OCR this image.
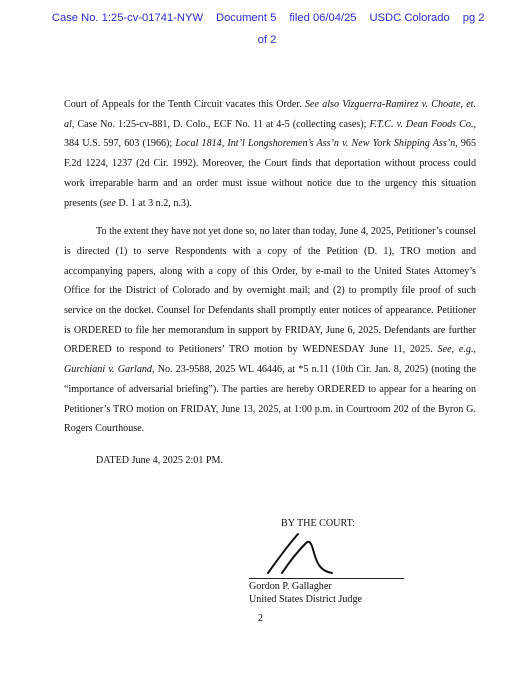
Case No. 1:25-cv-01741-NYW Document 5 filed 06/04/25 USDC Colorado pg 2

of 2

Court of Appeals for the Tenth Circuit vacates this Order. See also Vizguerra-Ramirez v. Choate, et. al, Case No. 1:25-cv-881, D. Colo., ECF No. 11 at 4-5 (collecting cases); F.T.C. v. Dean Foods Co., 384 U.S. 597, 603 (1966); Local 1814, Int’l Longshoremen’s Ass’n v. New York Shipping Ass’n, 965 F.2d 1224, 1237 (2d Cir. 1992). Moreover, the Court finds that deportation without process could work irreparable harm and an order must issue without notice due to the urgency this situation presents (see D. 1 at 3 n.2, n.3).

To the extent they have not yet done so, no later than today, June 4, 2025, Petitioner’s counsel is directed (1) to serve Respondents with a copy of the Petition (D. 1), TRO motion and accompanying papers, along with a copy of this Order, by e-mail to the United States Attorney’s Office for the District of Colorado and by overnight mail; and (2) to promptly file proof of such service on the docket. Counsel for Defendants shall promptly enter notices of appearance. Petitioner is ORDERED to file her memorandum in support by FRIDAY, June 6, 2025. Defendants are further ORDERED to respond to Petitioners’ TRO motion by WEDNESDAY June 11, 2025. See, e.g., Gurchiani v. Garland, No. 23-9588, 2025 WL 46446, at *5 n.11 (10th Cir. Jan. 8, 2025) (noting the “importance of adversarial briefing”). The parties are hereby ORDERED to appear for a hearing on Petitioner’s TRO motion on FRIDAY, June 13, 2025, at 1:00 p.m. in Courtroom 202 of the Byron G. Rogers Courthouse.

DATED June 4, 2025 2:01 PM.

BY THE COURT:
Gordon P. Gallagher
United States District Judge
2
